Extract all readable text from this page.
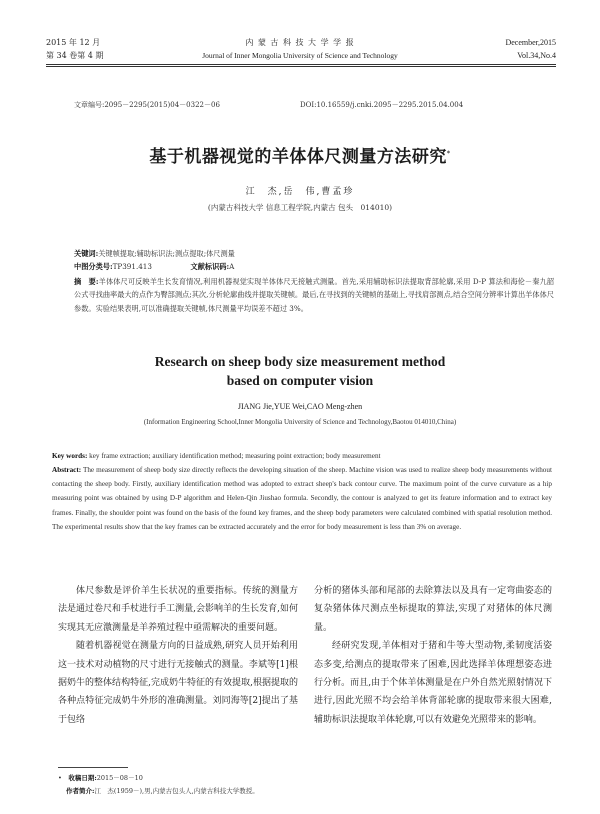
2015 年 12 月
第 34 卷第 4 期
内 蒙 古 科 技 大 学 学 报
Journal of Inner Mongolia University of Science and Technology
December,2015
Vol.34,No.4
文章编号:2095－2295(2015)04－0322－06	DOI:10.16559/j.cnki.2095－2295.2015.04.004
基于机器视觉的羊体体尺测量方法研究*
江　杰,岳　伟,曹孟珍
(内蒙古科技大学 信息工程学院,内蒙古 包头　014010)
关键词:关键帧提取;辅助标识法;测点提取;体尺测量
中图分类号:TP391.413	文献标识码:A
摘　要:羊体体尺可反映羊生长发育情况,利用机器视觉实现羊体体尺无接触式测量。首先,采用辅助标识法提取背部轮廓,采用 D-P 算法和海伦－秦九韶公式寻找曲率最大的点作为臀部测点;其次,分析轮廓曲线并提取关键帧。最后,在寻找到的关键帧的基础上,寻找肩部测点,结合空间分辨率计算出羊体体尺参数。实验结果表明,可以准确提取关键帧,体尺测量平均误差不超过 3%。
Research on sheep body size measurement method
based on computer vision
JIANG Jie,YUE Wei,CAO Meng-zhen
(Information Engineering School,Inner Mongolia University of Science and Technology,Baotou 014010,China)
Key words: key frame extraction; auxiliary identification method; measuring point extraction; body measurement
Abstract: The measurement of sheep body size directly reflects the developing situation of the sheep. Machine vision was used to realize sheep body measurements without contacting the sheep body. Firstly, auxiliary identification method was adopted to extract sheep's back contour curve. The maximum point of the curve curvature as a hip measuring point was obtained by using D-P algorithm and Helen-Qin Jiushao formula. Secondly, the contour is analyzed to get its feature information and to extract key frames. Finally, the shoulder point was found on the basis of the found key frames, and the sheep body parameters were calculated combined with spatial resolution method. The experimental results show that the key frames can be extracted accurately and the error for body measurement is less than 3% on average.

体尺参数是评价羊生长状况的重要指标。传统的测量方法是通过卷尺和手杖进行手工测量,会影响羊的生长发育,如何实现其无应激测量是羊养殖过程中亟需解决的重要问题。

随着机器视觉在测量方向的日益成熟,研究人员开始利用这一技术对动植物的尺寸进行无接触式的测量。李斌等[1]根据奶牛的整体结构特征,完成奶牛特征的有效提取,根据提取的各种点特征完成奶牛外形的准确测量。刘同海等[2]提出了基于包络

分析的猪体头部和尾部的去除算法以及具有一定弯曲姿态的复杂猪体体尺测点坐标提取的算法,实现了对猪体的体尺测量。

经研究发现,羊体相对于猪和牛等大型动物,柔韧度活姿态多变,给测点的提取带来了困难,因此选择羊体理想姿态进行分析。而且,由于个体羊体测量是在户外自然光照射情况下进行,因此光照不均会给羊体背部轮廓的提取带来很大困难,辅助标识法提取羊体轮廓,可以有效避免光照带来的影响。

•　收稿日期:2015－08－10
作者简介:江　杰(1959－),男,内蒙古包头人,内蒙古科技大学教授。
